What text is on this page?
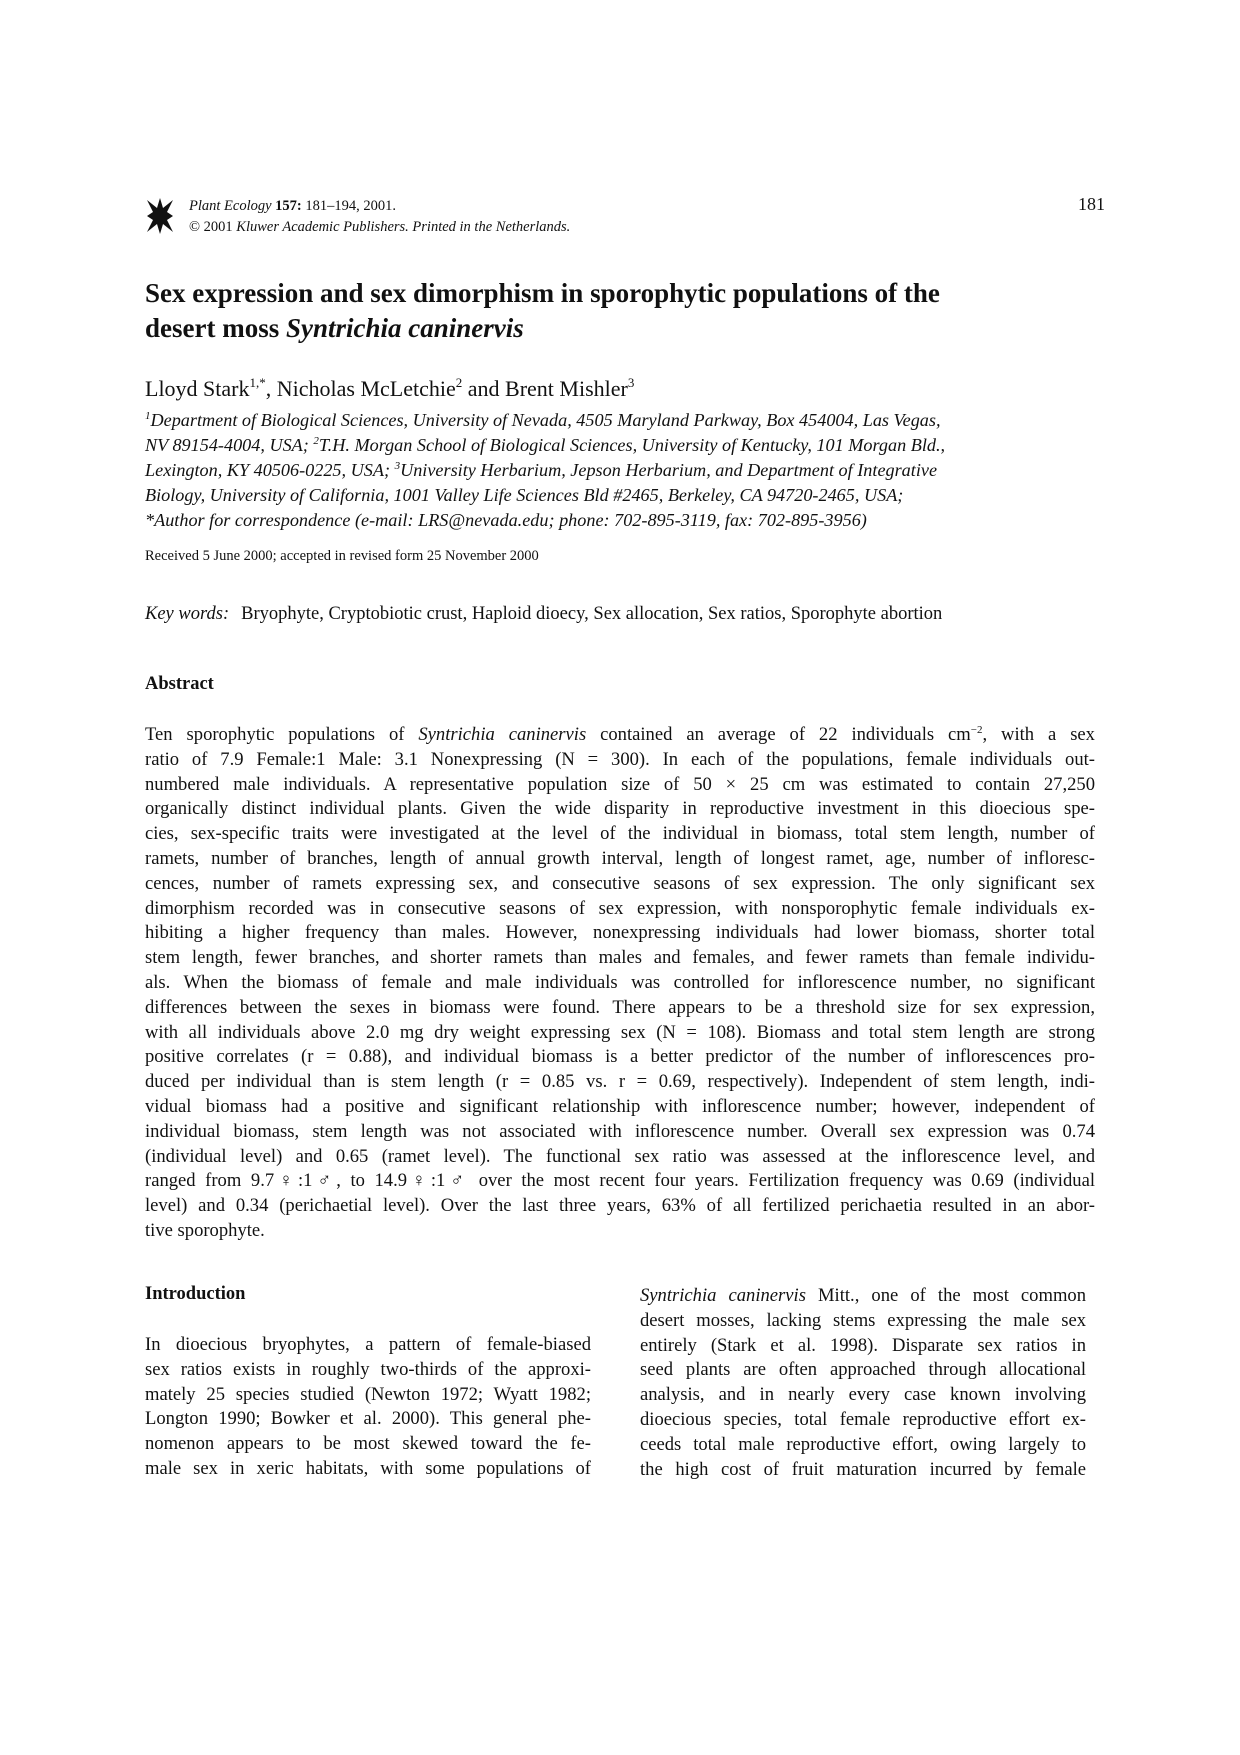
Plant Ecology 157: 181–194, 2001.
© 2001 Kluwer Academic Publishers. Printed in the Netherlands.
181
Sex expression and sex dimorphism in sporophytic populations of the
desert moss Syntrichia caninervis
Lloyd Stark$^{1,*}$, Nicholas McLetchie$^2$ and Brent Mishler$^3$

$^1$Department of Biological Sciences, University of Nevada, 4505 Maryland Parkway, Box 454004, Las Vegas,

NV 89154-4004, USA; $^2$T.H. Morgan School of Biological Sciences, University of Kentucky, 101 Morgan Bld.,

Lexington, KY 40506-0225, USA; $^3$University Herbarium, Jepson Herbarium, and Department of Integrative

Biology, University of California, 1001 Valley Life Sciences Bld #2465, Berkeley, CA 94720-2465, USA;

*Author for correspondence (e-mail: LRS@nevada.edu; phone: 702-895-3119, fax: 702-895-3956)

Received 5 June 2000; accepted in revised form 25 November 2000
Key words: Bryophyte, Cryptobiotic crust, Haploid dioecy, Sex allocation, Sex ratios, Sporophyte abortion
Abstract
Ten sporophytic populations of Syntrichia caninervis contained an average of 22 individuals $cm^{-2}$, with a sex
ratio of 7.9 Female:1 Male: 3.1 Nonexpressing (N = 300). In each of the populations, female individuals out-
numbered male individuals. A representative population size of 50 × 25 cm was estimated to contain 27,250
organically distinct individual plants. Given the wide disparity in reproductive investment in this dioecious spe-
cies, sex-specific traits were investigated at the level of the individual in biomass, total stem length, number of
ramets, number of branches, length of annual growth interval, length of longest ramet, age, number of infloresc-
cences, number of ramets expressing sex, and consecutive seasons of sex expression. The only significant sex
dimorphism recorded was in consecutive seasons of sex expression, with nonsporophytic female individuals ex-
hibiting a higher frequency than males. However, nonexpressing individuals had lower biomass, shorter total
stem length, fewer branches, and shorter ramets than males and females, and fewer ramets than female individu-
als. When the biomass of female and male individuals was controlled for inflorescence number, no significant
differences between the sexes in biomass were found. There appears to be a threshold size for sex expression,
with all individuals above 2.0 mg dry weight expressing sex (N = 108). Biomass and total stem length are strong
positive correlates (r = 0.88), and individual biomass is a better predictor of the number of inflorescences pro-
duced per individual than is stem length (r = 0.85 vs. r = 0.69, respectively). Independent of stem length, indi-
vidual biomass had a positive and significant relationship with inflorescence number; however, independent of
individual biomass, stem length was not associated with inflorescence number. Overall sex expression was 0.74
(individual level) and 0.65 (ramet level). The functional sex ratio was assessed at the inflorescence level, and
ranged from 9.7♀:1♂, to 14.9♀:1♂ over the most recent four years. Fertilization frequency was 0.69 (individual
level) and 0.34 (perichaetial level). Over the last three years, 63% of all fertilized perichaetia resulted in an abor-
tive sporophyte.
Introduction
In dioecious bryophytes, a pattern of female-biased
sex ratios exists in roughly two-thirds of the approxi-
mately 25 species studied (Newton 1972; Wyatt 1982;
Longton 1990; Bowker et al. 2000). This general phe-
nomenon appears to be most skewed toward the fe-
male sex in xeric habitats, with some populations of
Syntrichia caninervis Mitt., one of the most common
desert mosses, lacking stems expressing the male sex
entirely (Stark et al. 1998). Disparate sex ratios in
seed plants are often approached through allocational
analysis, and in nearly every case known involving
dioecious species, total female reproductive effort ex-
ceeds total male reproductive effort, owing largely to
the high cost of fruit maturation incurred by female
